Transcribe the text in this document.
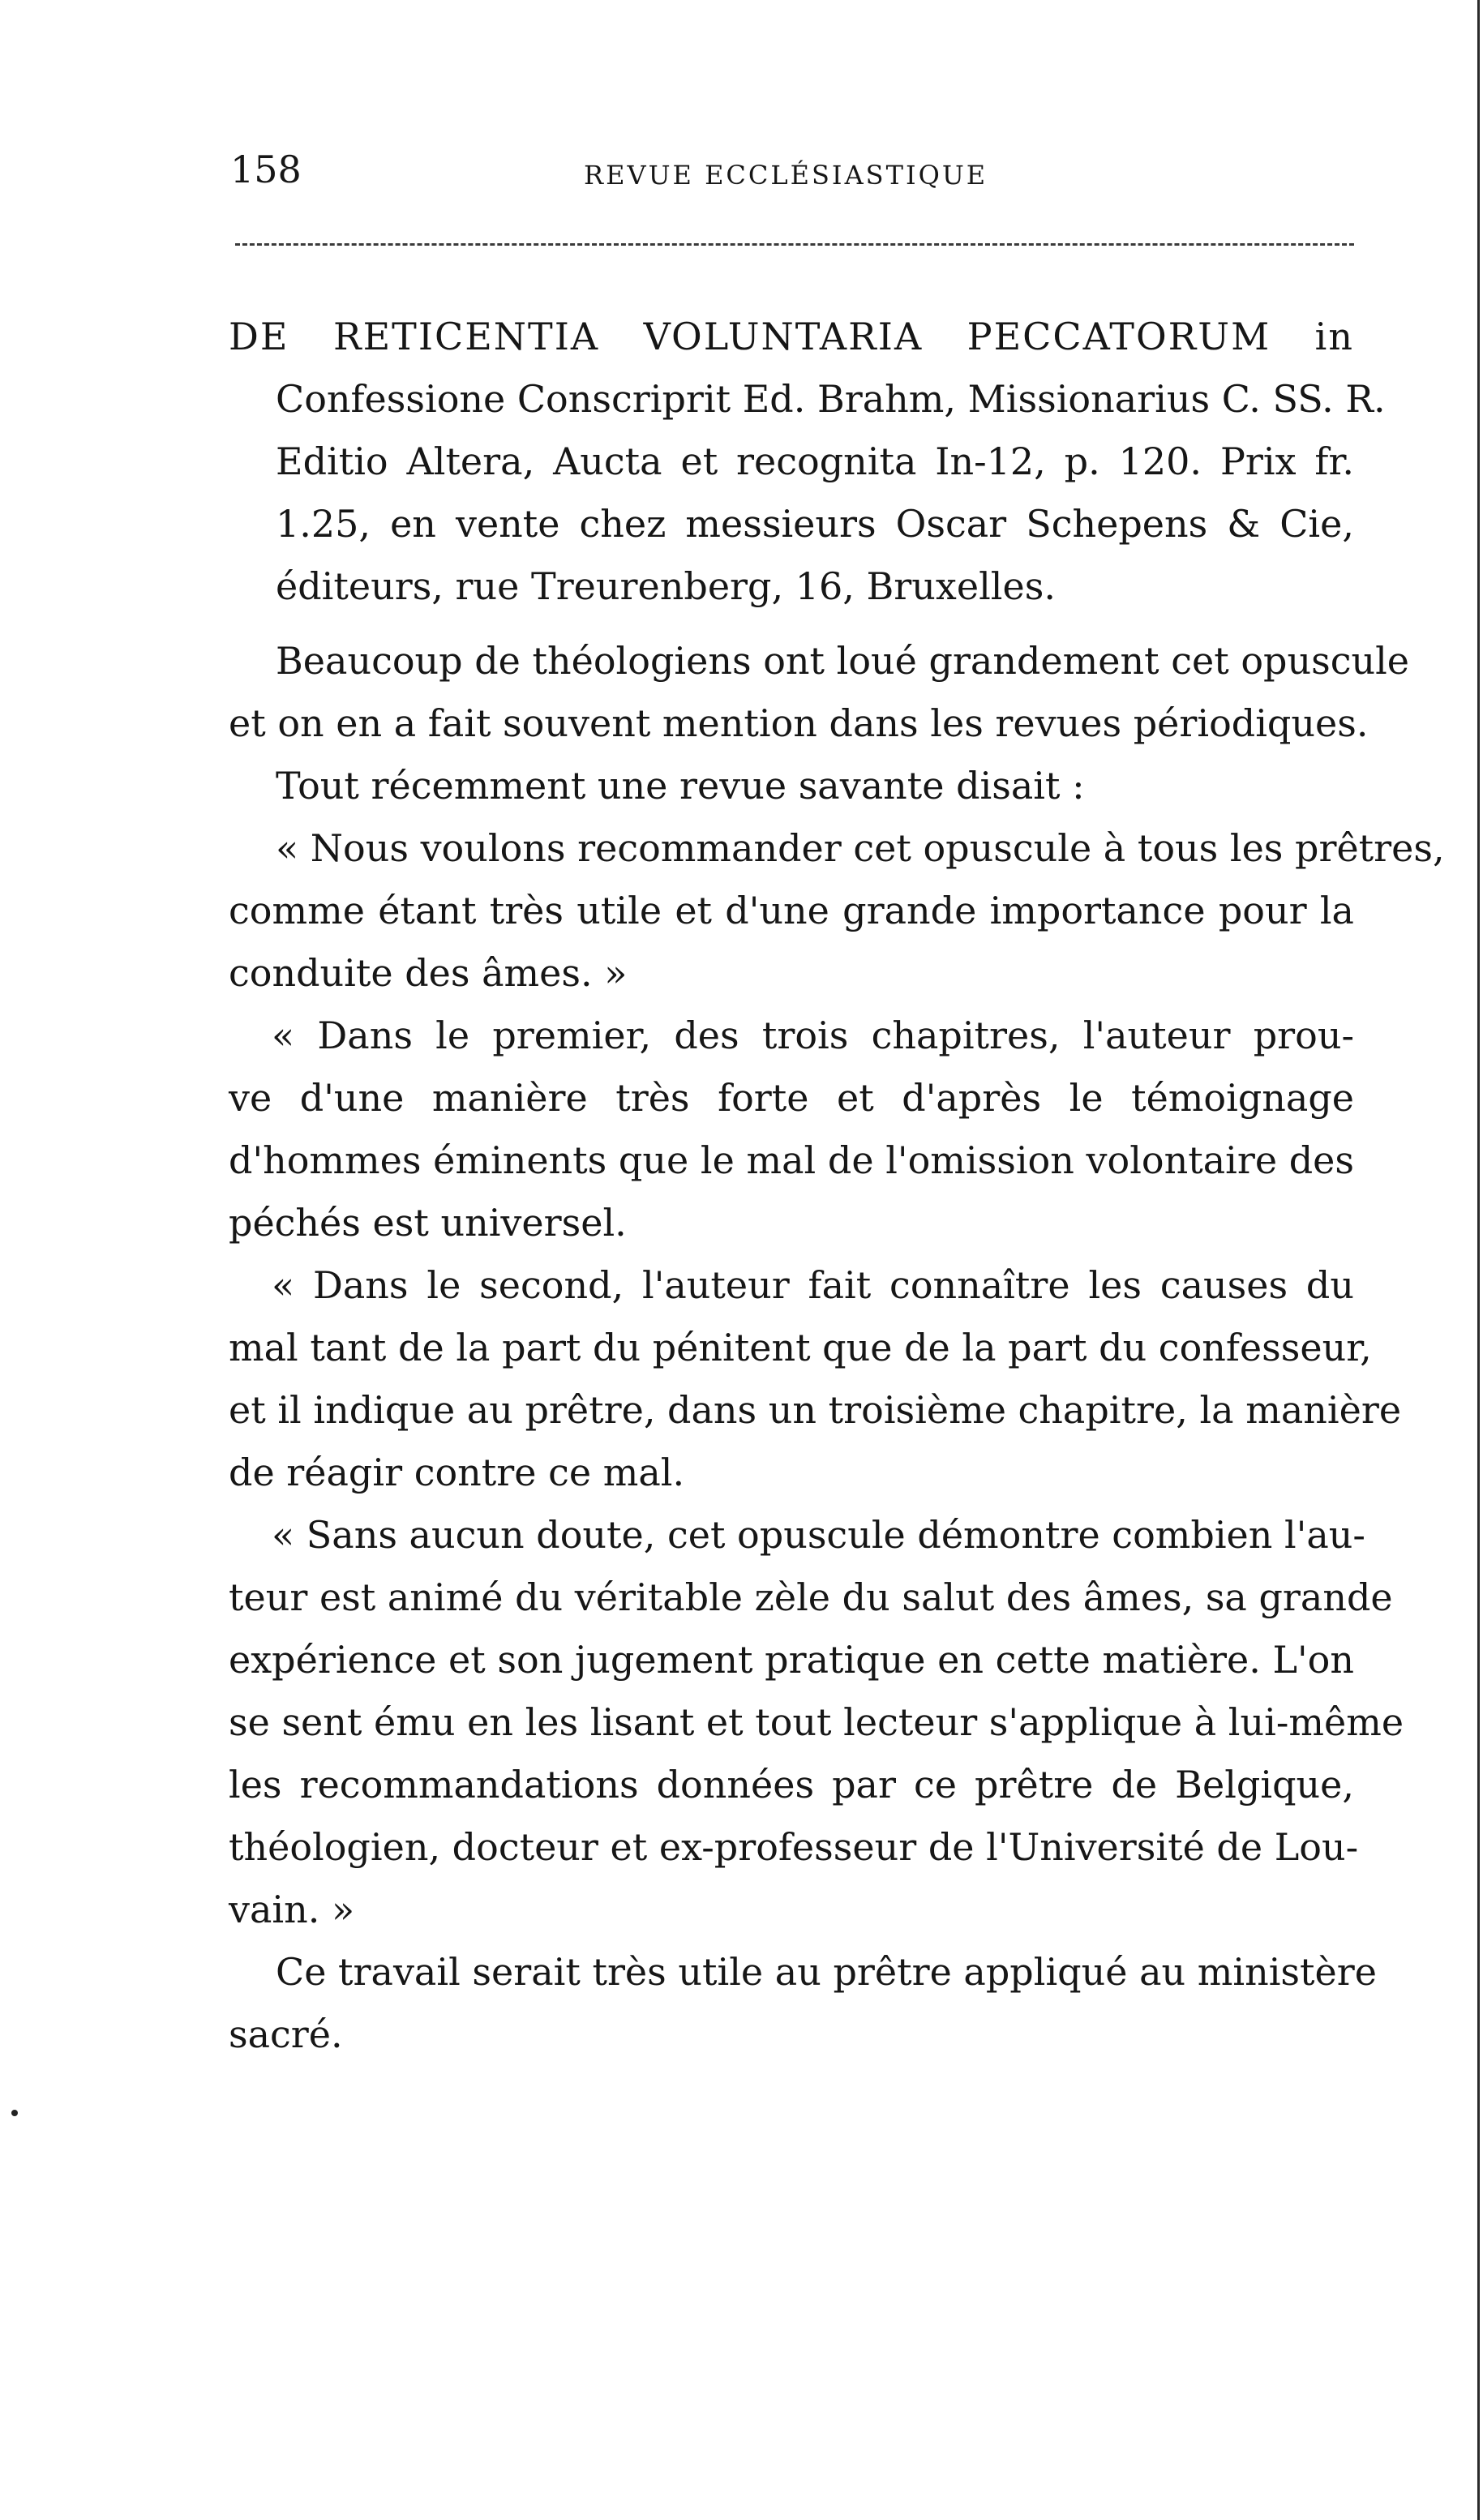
158	REVUE ECCLÉSIASTIQUE
DE RETICENTIA VOLUNTARIA PECCATORUM in
Confessione Conscriprit Ed. Brahm, Missionarius C. SS. R.
Editio Altera, Aucta et recognita In-12, p. 120. Prix fr.
1.25, en vente chez messieurs Oscar Schepens & Cie,
éditeurs, rue Treurenberg, 16, Bruxelles.
Beaucoup de théologiens ont loué grandement cet opuscule
et on en a fait souvent mention dans les revues périodiques.
Tout récemment une revue savante disait :
« Nous voulons recommander cet opuscule à tous les prêtres,
comme étant très utile et d'une grande importance pour la
conduite des âmes. »
« Dans le premier, des trois chapitres, l'auteur prou-
ve d'une manière très forte et d'après le témoignage
d'hommes éminents que le mal de l'omission volontaire des
péchés est universel.
« Dans le second, l'auteur fait connaître les causes du
mal tant de la part du pénitent que de la part du confesseur,
et il indique au prêtre, dans un troisième chapitre, la manière
de réagir contre ce mal.
« Sans aucun doute, cet opuscule démontre combien l'au-
teur est animé du véritable zèle du salut des âmes, sa grande
expérience et son jugement pratique en cette matière. L'on
se sent ému en les lisant et tout lecteur s'applique à lui-même
les recommandations données par ce prêtre de Belgique,
théologien, docteur et ex-professeur de l'Université de Lou-
vain. »
Ce travail serait très utile au prêtre appliqué au ministère
sacré.
